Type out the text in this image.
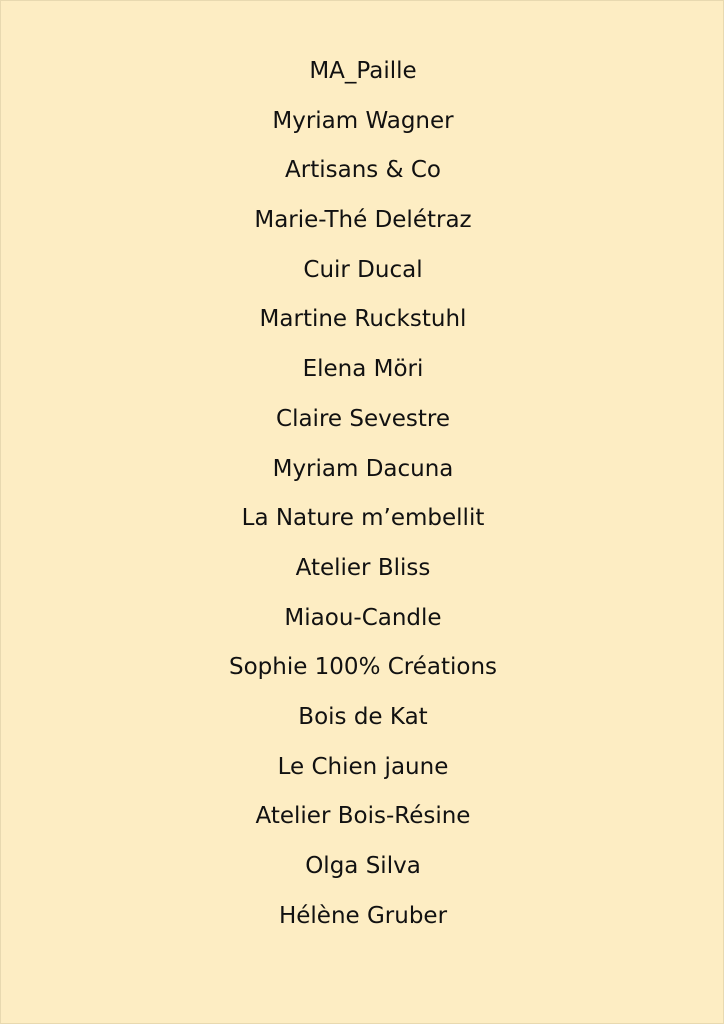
MA_Paille
Myriam Wagner
Artisans & Co
Marie-Thé Delétraz
Cuir Ducal
Martine Ruckstuhl
Elena Möri
Claire Sevestre
Myriam Dacuna
La Nature m’embellit
Atelier Bliss
Miaou-Candle
Sophie 100% Créations
Bois de Kat
Le Chien jaune
Atelier Bois-Résine
Olga Silva
Hélène Gruber
